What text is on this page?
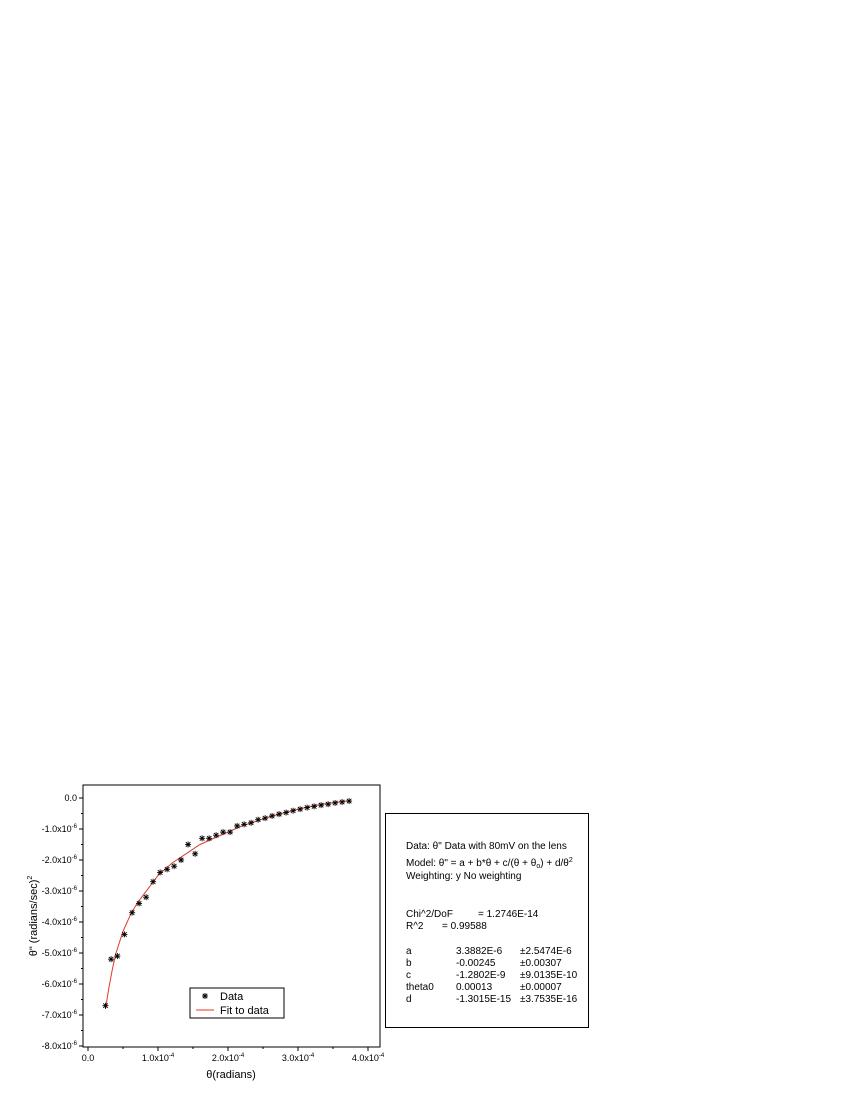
0.0	$1.0x10^{-4}$	$2.0x10^{-4}$	$3.0x10^{-4}$	$4.0x10^{-4}$
0.0
$-1.0x10^{-6}$
$-2.0x10^{-6}$
$-3.0x10^{-6}$
$-4.0x10^{-6}$
$-5.0x10^{-6}$
$-6.0x10^{-6}$
$-7.0x10^{-6}$
$-8.0x10^{-6}$
θ(radians)
θ" (radians/sec)$^2$
Data
Fit to data
Data: θ" Data with 80mV on the lens
Model: θ" = $a + b*\theta + c/(\theta + \theta_o) + d/\theta^2$
Weighting: y No weighting
Chi^2/DoF	= 1.2746E-14
R^2 = 0.99588
a	3.3882E-6 ±2.5474E-6
b	-0.00245 ±0.00307
c	-1.2802E-9 ±9.0135E-10
theta0 0.00013	±0.00007
d	-1.3015E-15 ±3.7535E-16
